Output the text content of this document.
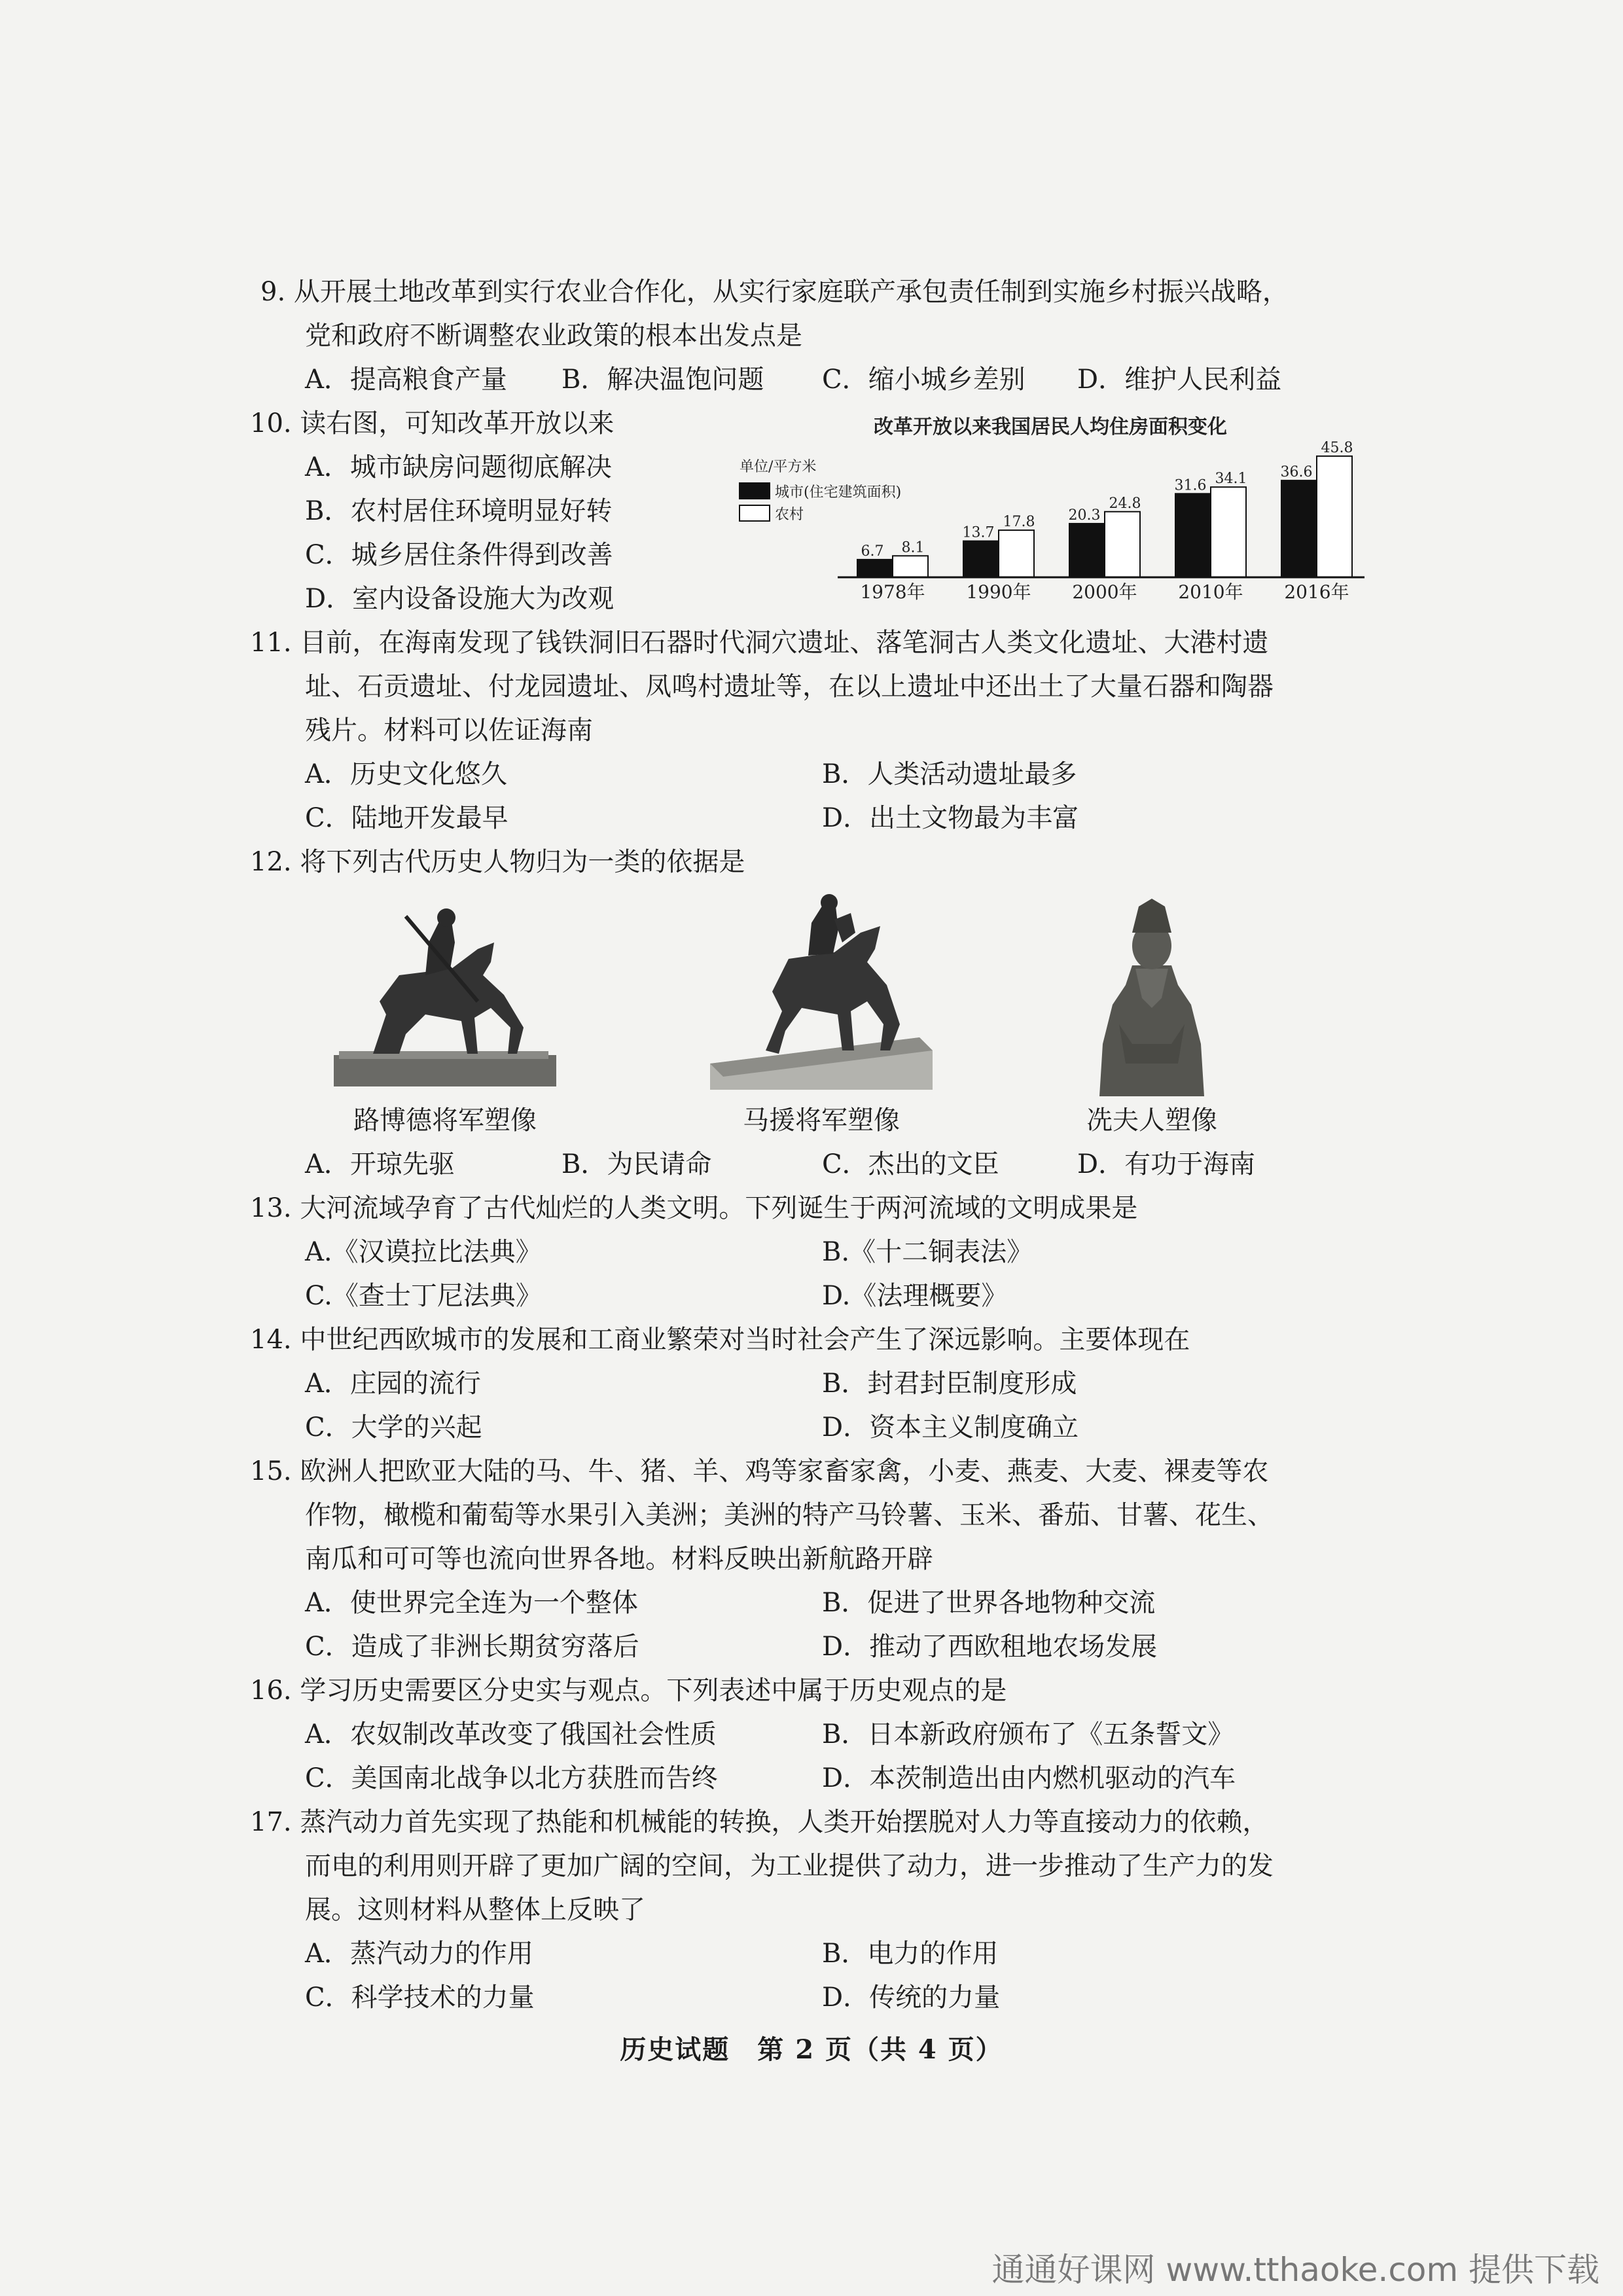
9. 从开展土地改革到实行农业合作化，从实行家庭联产承包责任制到实施乡村振兴战略，
党和政府不断调整农业政策的根本出发点是
A．提高粮食产量 B．解决温饱问题 C．缩小城乡差别 D．维护人民利益
10. 读右图，可知改革开放以来
A．城市缺房问题彻底解决
B．农村居住环境明显好转
C．城乡居住条件得到改善
D．室内设备设施大为改观
改革开放以来我国居民人均住房面积变化
单位/平方米
城市(住宅建筑面积)
农村
6.7 8.1
1978年
13.7
17.8
1990年
20.3
24.8
2000年
31.6 34.1
2010年
36.6
45.8
2016年
11. 目前，在海南发现了钱铁洞旧石器时代洞穴遗址、落笔洞古人类文化遗址、大港村遗
址、石贡遗址、付龙园遗址、凤鸣村遗址等，在以上遗址中还出土了大量石器和陶器
残片。材料可以佐证海南
A．历史文化悠久	B．人类活动遗址最多
C．陆地开发最早	D．出土文物最为丰富
12. 将下列古代历史人物归为一类的依据是
路博德将军塑像	马援将军塑像	冼夫人塑像
A．开琼先驱	B．为民请命	C．杰出的文臣	D．有功于海南
13. 大河流域孕育了古代灿烂的人类文明。下列诞生于两河流域的文明成果是
A.《汉谟拉比法典》	B.《十二铜表法》
C.《查士丁尼法典》	D.《法理概要》
14. 中世纪西欧城市的发展和工商业繁荣对当时社会产生了深远影响。主要体现在
A．庄园的流行	B．封君封臣制度形成
C．大学的兴起	D．资本主义制度确立
15. 欧洲人把欧亚大陆的马、牛、猪、羊、鸡等家畜家禽，小麦、燕麦、大麦、裸麦等农
作物，橄榄和葡萄等水果引入美洲；美洲的特产马铃薯、玉米、番茄、甘薯、花生、
南瓜和可可等也流向世界各地。材料反映出新航路开辟
A．使世界完全连为一个整体	B．促进了世界各地物种交流
C．造成了非洲长期贫穷落后	D．推动了西欧租地农场发展
16. 学习历史需要区分史实与观点。下列表述中属于历史观点的是
A．农奴制改革改变了俄国社会性质	B．日本新政府颁布了《五条誓文》
C．美国南北战争以北方获胜而告终	D．本茨制造出由内燃机驱动的汽车
17. 蒸汽动力首先实现了热能和机械能的转换，人类开始摆脱对人力等直接动力的依赖，
而电的利用则开辟了更加广阔的空间，为工业提供了动力，进一步推动了生产力的发
展。这则材料从整体上反映了
A．蒸汽动力的作用	B．电力的作用
C．科学技术的力量	D．传统的力量
历史试题　第 2 页（共 4 页）
通通好课网 www.tthaoke.com 提供下载
